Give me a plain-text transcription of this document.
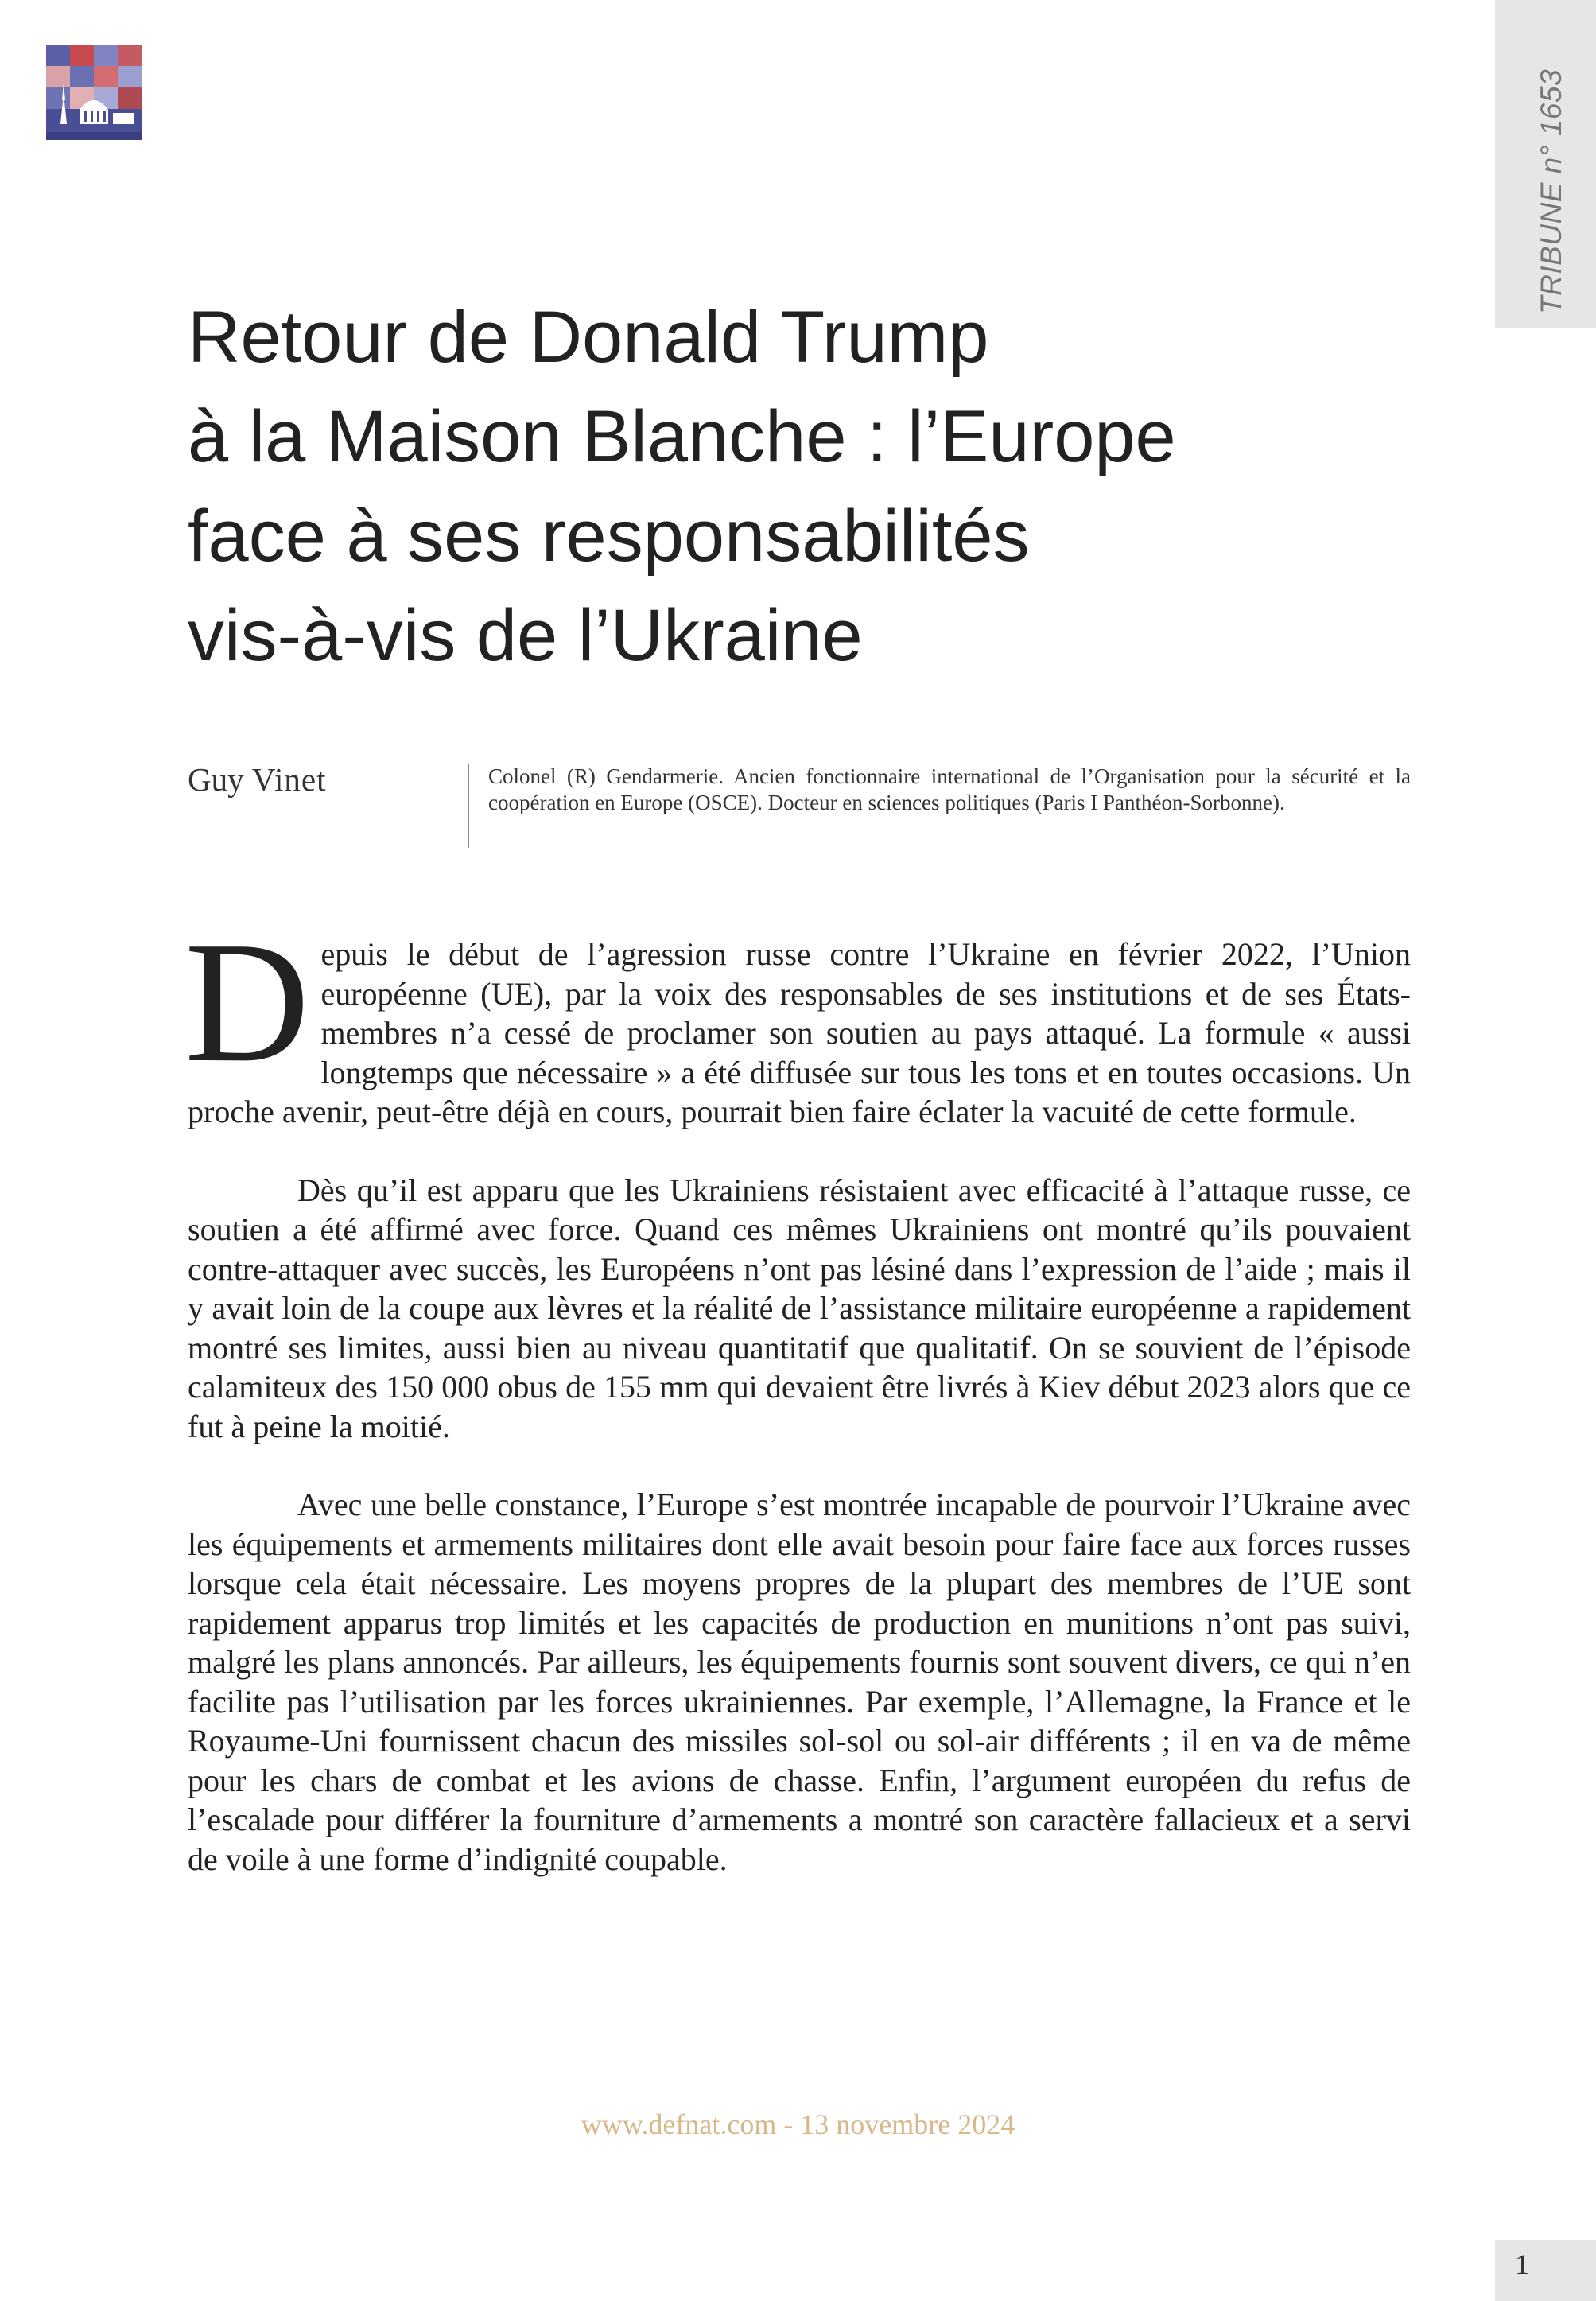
TRIBUNE n° 1653
Retour de Donald Trump
à la Maison Blanche : l’Europe
face à ses responsabilités
vis-à-vis de l’Ukraine
Guy Vinet	Colonel (R) Gendarmerie. Ancien fonctionnaire international de l’Organisation pour la sécurité et la coopération en Europe (OSCE). Docteur en sciences politiques (Paris I Panthéon-Sorbonne).

Depuis le début de l’agression russe contre l’Ukraine en février 2022, l’Union européenne (UE), par la voix des responsables de ses institutions et de ses États-membres n’a cessé de proclamer son soutien au pays attaqué. La formule « aussi longtemps que nécessaire » a été diffusée sur tous les tons et en toutes occasions. Un proche avenir, peut-être déjà en cours, pourrait bien faire éclater la vacuité de cette formule.

Dès qu’il est apparu que les Ukrainiens résistaient avec efficacité à l’attaque russe, ce soutien a été affirmé avec force. Quand ces mêmes Ukrainiens ont montré qu’ils pouvaient contre-attaquer avec succès, les Européens n’ont pas lésiné dans l’expression de l’aide ; mais il y avait loin de la coupe aux lèvres et la réalité de l’assistance militaire européenne a rapidement montré ses limites, aussi bien au niveau quantitatif que qualitatif. On se souvient de l’épisode calamiteux des 150 000 obus de 155 mm qui devaient être livrés à Kiev début 2023 alors que ce fut à peine la moitié.

Avec une belle constance, l’Europe s’est montrée incapable de pourvoir l’Ukraine avec les équipements et armements militaires dont elle avait besoin pour faire face aux forces russes lorsque cela était nécessaire. Les moyens propres de la plupart des membres de l’UE sont rapidement apparus trop limités et les capacités de production en munitions n’ont pas suivi, malgré les plans annoncés. Par ailleurs, les équipements fournis sont souvent divers, ce qui n’en facilite pas l’utilisation par les forces ukrainiennes. Par exemple, l’Allemagne, la France et le Royaume-Uni fournissent chacun des missiles sol-sol ou sol-air différents ; il en va de même pour les chars de combat et les avions de chasse. Enfin, l’argument européen du refus de l’escalade pour différer la fourniture d’armements a montré son caractère fallacieux et a servi de voile à une forme d’indignité coupable.

www.defnat.com - 13 novembre 2024
1
